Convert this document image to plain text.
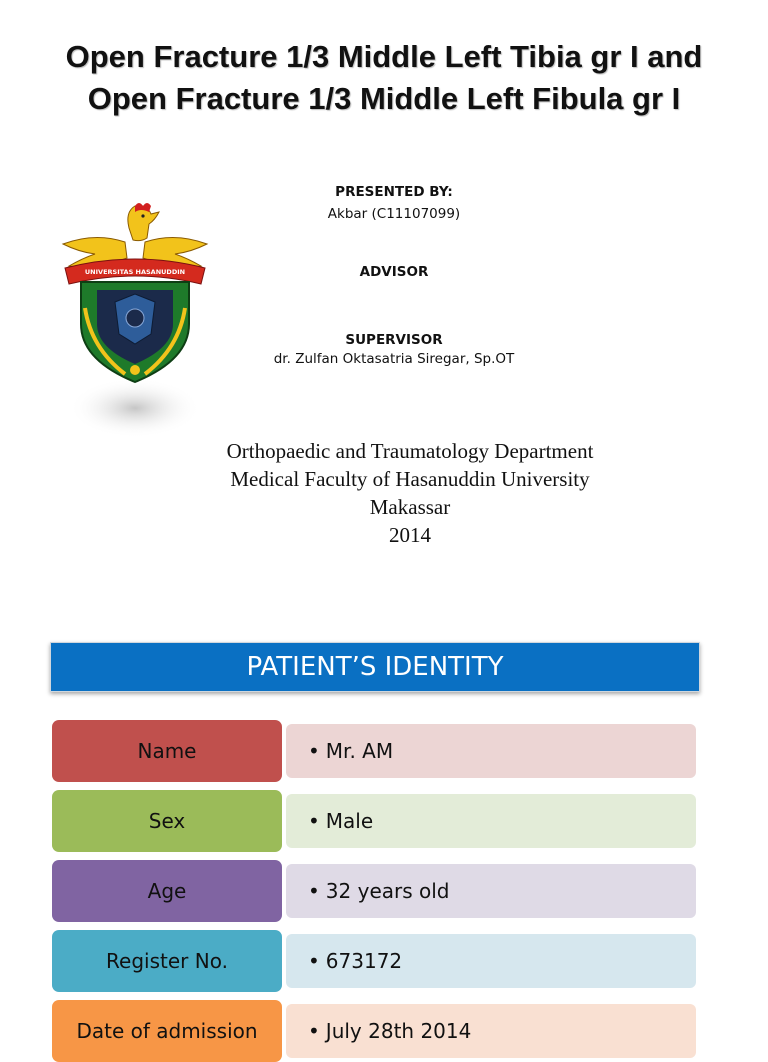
Open Fracture 1/3 Middle Left Tibia gr I and
Open Fracture 1/3 Middle Left Fibula gr I
UNIVERSITAS HASANUDDIN
PRESENTED BY:
Akbar (C11107099)
ADVISOR
SUPERVISOR
dr. Zulfan Oktasatria Siregar, Sp.OT
Orthopaedic and Traumatology Department
Medical Faculty of Hasanuddin University
Makassar
2014
PATIENT’S IDENTITY
Name	• Mr. AM
Sex	• Male
Age	• 32 years old
Register No.	• 673172
Date of admission	• July 28th 2014
